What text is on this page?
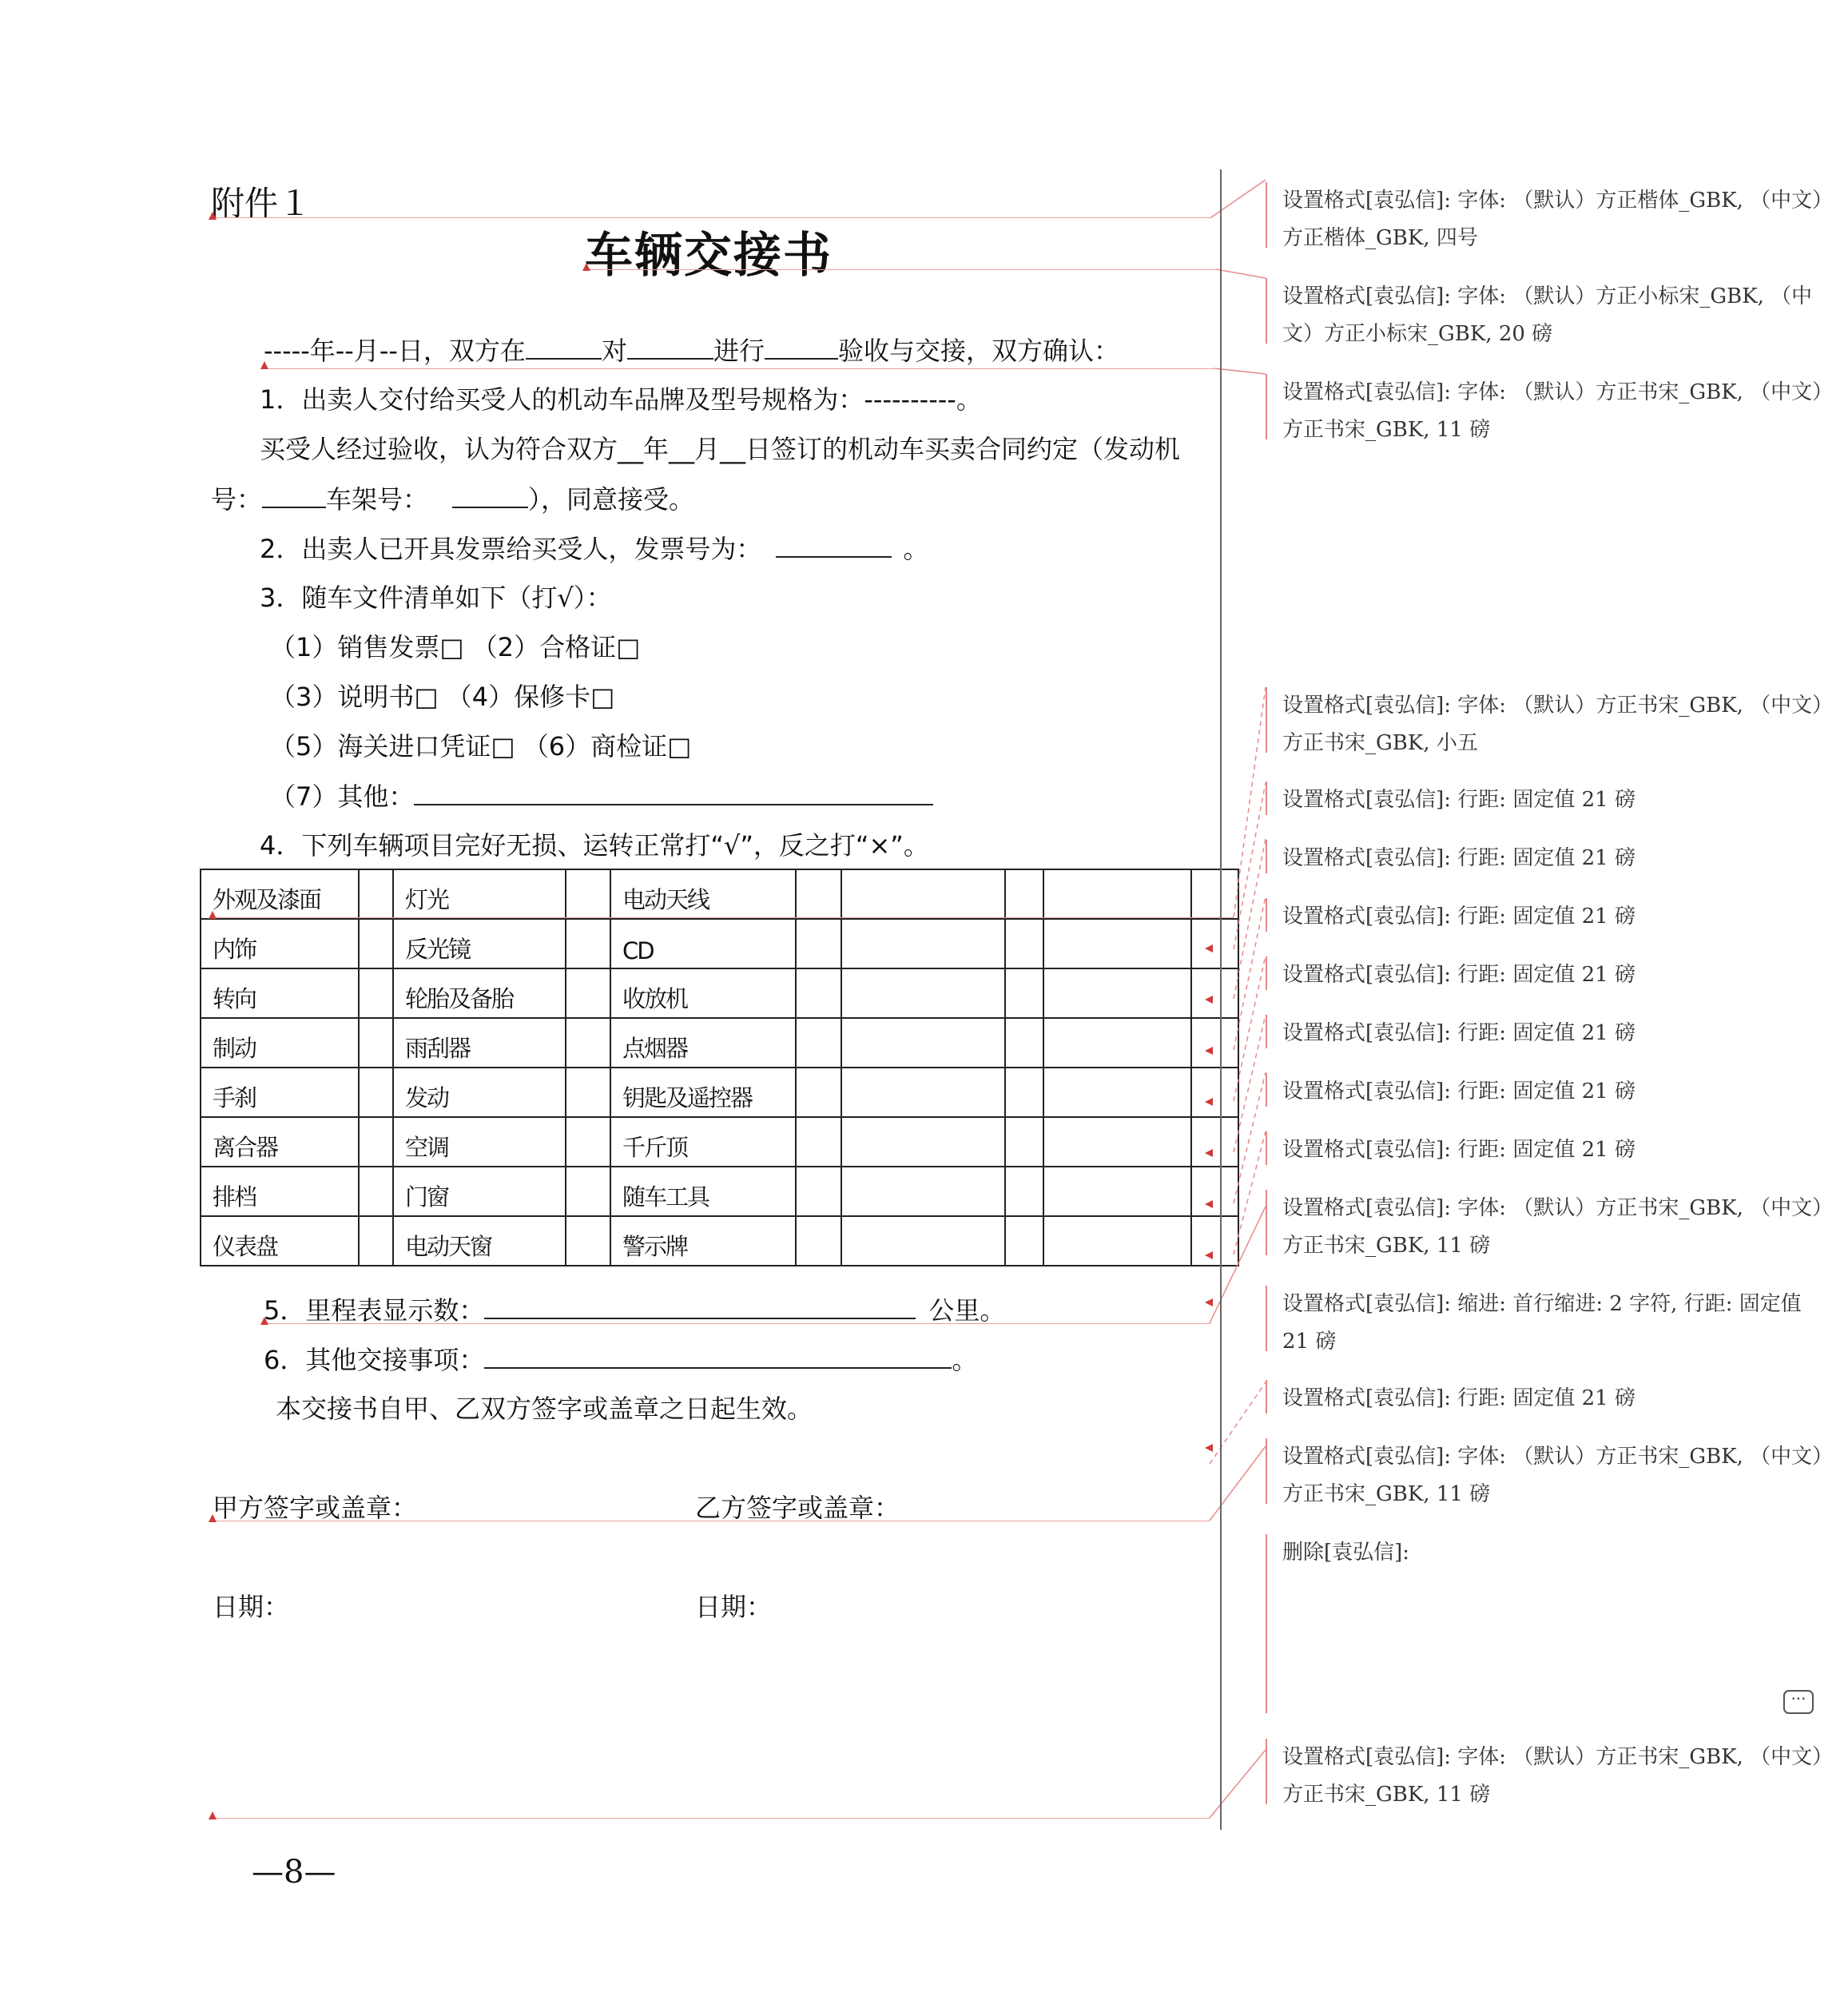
附件１
车辆交接书
-----年--月--日，双方在	对	进行	验收与交接，双方确认：
1．出卖人交付给买受人的机动车品牌及型号规格为：----------。
买受人经过验收，认为符合双方__年__月__日签订的机动车买卖合同约定（发动机
号：	车架号：	），同意接受。
2．出卖人已开具发票给买受人，发票号为：	。
3．随车文件清单如下（打√）：
（1）销售发票□ （2）合格证□
（3）说明书□ （4）保修卡□
（5）海关进口凭证□ （6）商检证□
（7）其他：
4．下列车辆项目完好无损、运转正常打“√”，反之打“×”。
外观及漆面		灯光		电动天线					
内饰		反光镜		CD					
转向		轮胎及备胎		收放机					
制动		雨刮器		点烟器					
手刹		发动		钥匙及遥控器					
离合器		空调		千斤顶					
排档		门窗		随车工具					
仪表盘		电动天窗		警示牌					
5．里程表显示数：	公里。
6．其他交接事项：	。
本交接书自甲、乙双方签字或盖章之日起生效。
甲方签字或盖章：	乙方签字或盖章：
日期：	日期：
—8—
设置格式[袁弘信]: 字体: （默认）方正楷体_GBK, （中文）方正楷体_GBK, 四号
设置格式[袁弘信]: 字体: （默认）方正小标宋_GBK, （中文）方正小标宋_GBK, 20 磅
设置格式[袁弘信]: 字体: （默认）方正书宋_GBK, （中文）方正书宋_GBK, 11 磅
设置格式[袁弘信]: 字体: （默认）方正书宋_GBK, （中文）方正书宋_GBK, 小五
设置格式[袁弘信]: 行距: 固定值 21 磅
设置格式[袁弘信]: 行距: 固定值 21 磅
设置格式[袁弘信]: 行距: 固定值 21 磅
设置格式[袁弘信]: 行距: 固定值 21 磅
设置格式[袁弘信]: 行距: 固定值 21 磅
设置格式[袁弘信]: 行距: 固定值 21 磅
设置格式[袁弘信]: 行距: 固定值 21 磅
设置格式[袁弘信]: 字体: （默认）方正书宋_GBK, （中文）方正书宋_GBK, 11 磅
设置格式[袁弘信]: 缩进: 首行缩进: 2 字符, 行距: 固定值 21 磅
设置格式[袁弘信]: 行距: 固定值 21 磅
设置格式[袁弘信]: 字体: （默认）方正书宋_GBK, （中文）方正书宋_GBK, 11 磅
删除[袁弘信]:
···
设置格式[袁弘信]: 字体: （默认）方正书宋_GBK, （中文）方正书宋_GBK, 11 磅
